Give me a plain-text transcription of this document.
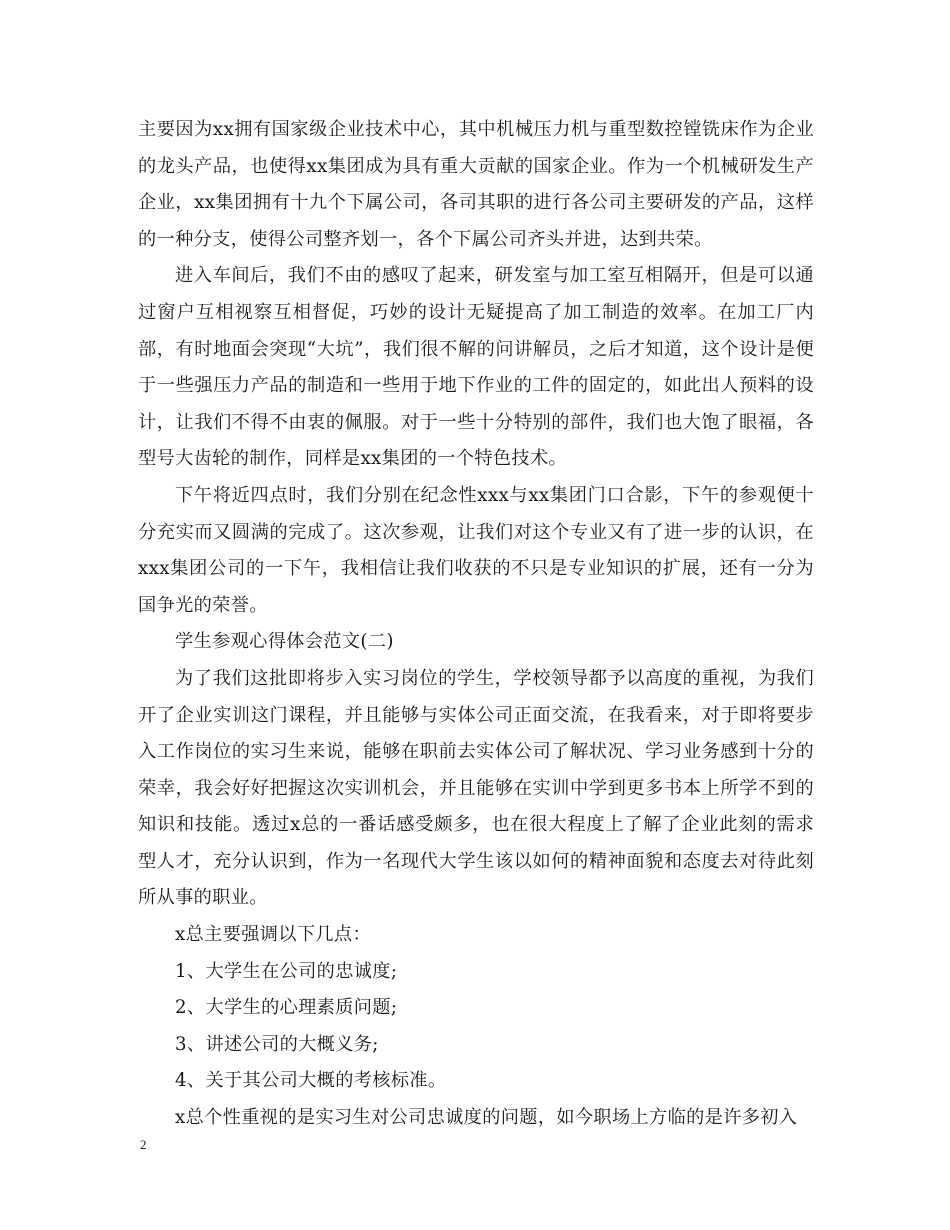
主要因为xx拥有国家级企业技术中心，其中机械压力机与重型数控镗铣床作为企业的龙头产品，也使得xx集团成为具有重大贡献的国家企业。作为一个机械研发生产企业，xx集团拥有十九个下属公司，各司其职的进行各公司主要研发的产品，这样的一种分支，使得公司整齐划一，各个下属公司齐头并进，达到共荣。

进入车间后，我们不由的感叹了起来，研发室与加工室互相隔开，但是可以通过窗户互相视察互相督促，巧妙的设计无疑提高了加工制造的效率。在加工厂内部，有时地面会突现“大坑”，我们很不解的问讲解员，之后才知道，这个设计是便于一些强压力产品的制造和一些用于地下作业的工件的固定的，如此出人预料的设计，让我们不得不由衷的佩服。对于一些十分特别的部件，我们也大饱了眼福，各型号大齿轮的制作，同样是xx集团的一个特色技术。

下午将近四点时，我们分别在纪念性xxx与xx集团门口合影，下午的参观便十分充实而又圆满的完成了。这次参观，让我们对这个专业又有了进一步的认识，在xxx集团公司的一下午，我相信让我们收获的不只是专业知识的扩展，还有一分为国争光的荣誉。

学生参观心得体会范文(二)

为了我们这批即将步入实习岗位的学生，学校领导都予以高度的重视，为我们开了企业实训这门课程，并且能够与实体公司正面交流，在我看来，对于即将要步入工作岗位的实习生来说，能够在职前去实体公司了解状况、学习业务感到十分的荣幸，我会好好把握这次实训机会，并且能够在实训中学到更多书本上所学不到的知识和技能。透过x总的一番话感受颇多，也在很大程度上了解了企业此刻的需求型人才，充分认识到，作为一名现代大学生该以如何的精神面貌和态度去对待此刻所从事的职业。

x总主要强调以下几点：

1、大学生在公司的忠诚度;

2、大学生的心理素质问题;

3、讲述公司的大概义务;

4、关于其公司大概的考核标准。

x总个性重视的是实习生对公司忠诚度的问题，如今职场上方临的是许多初入

2
